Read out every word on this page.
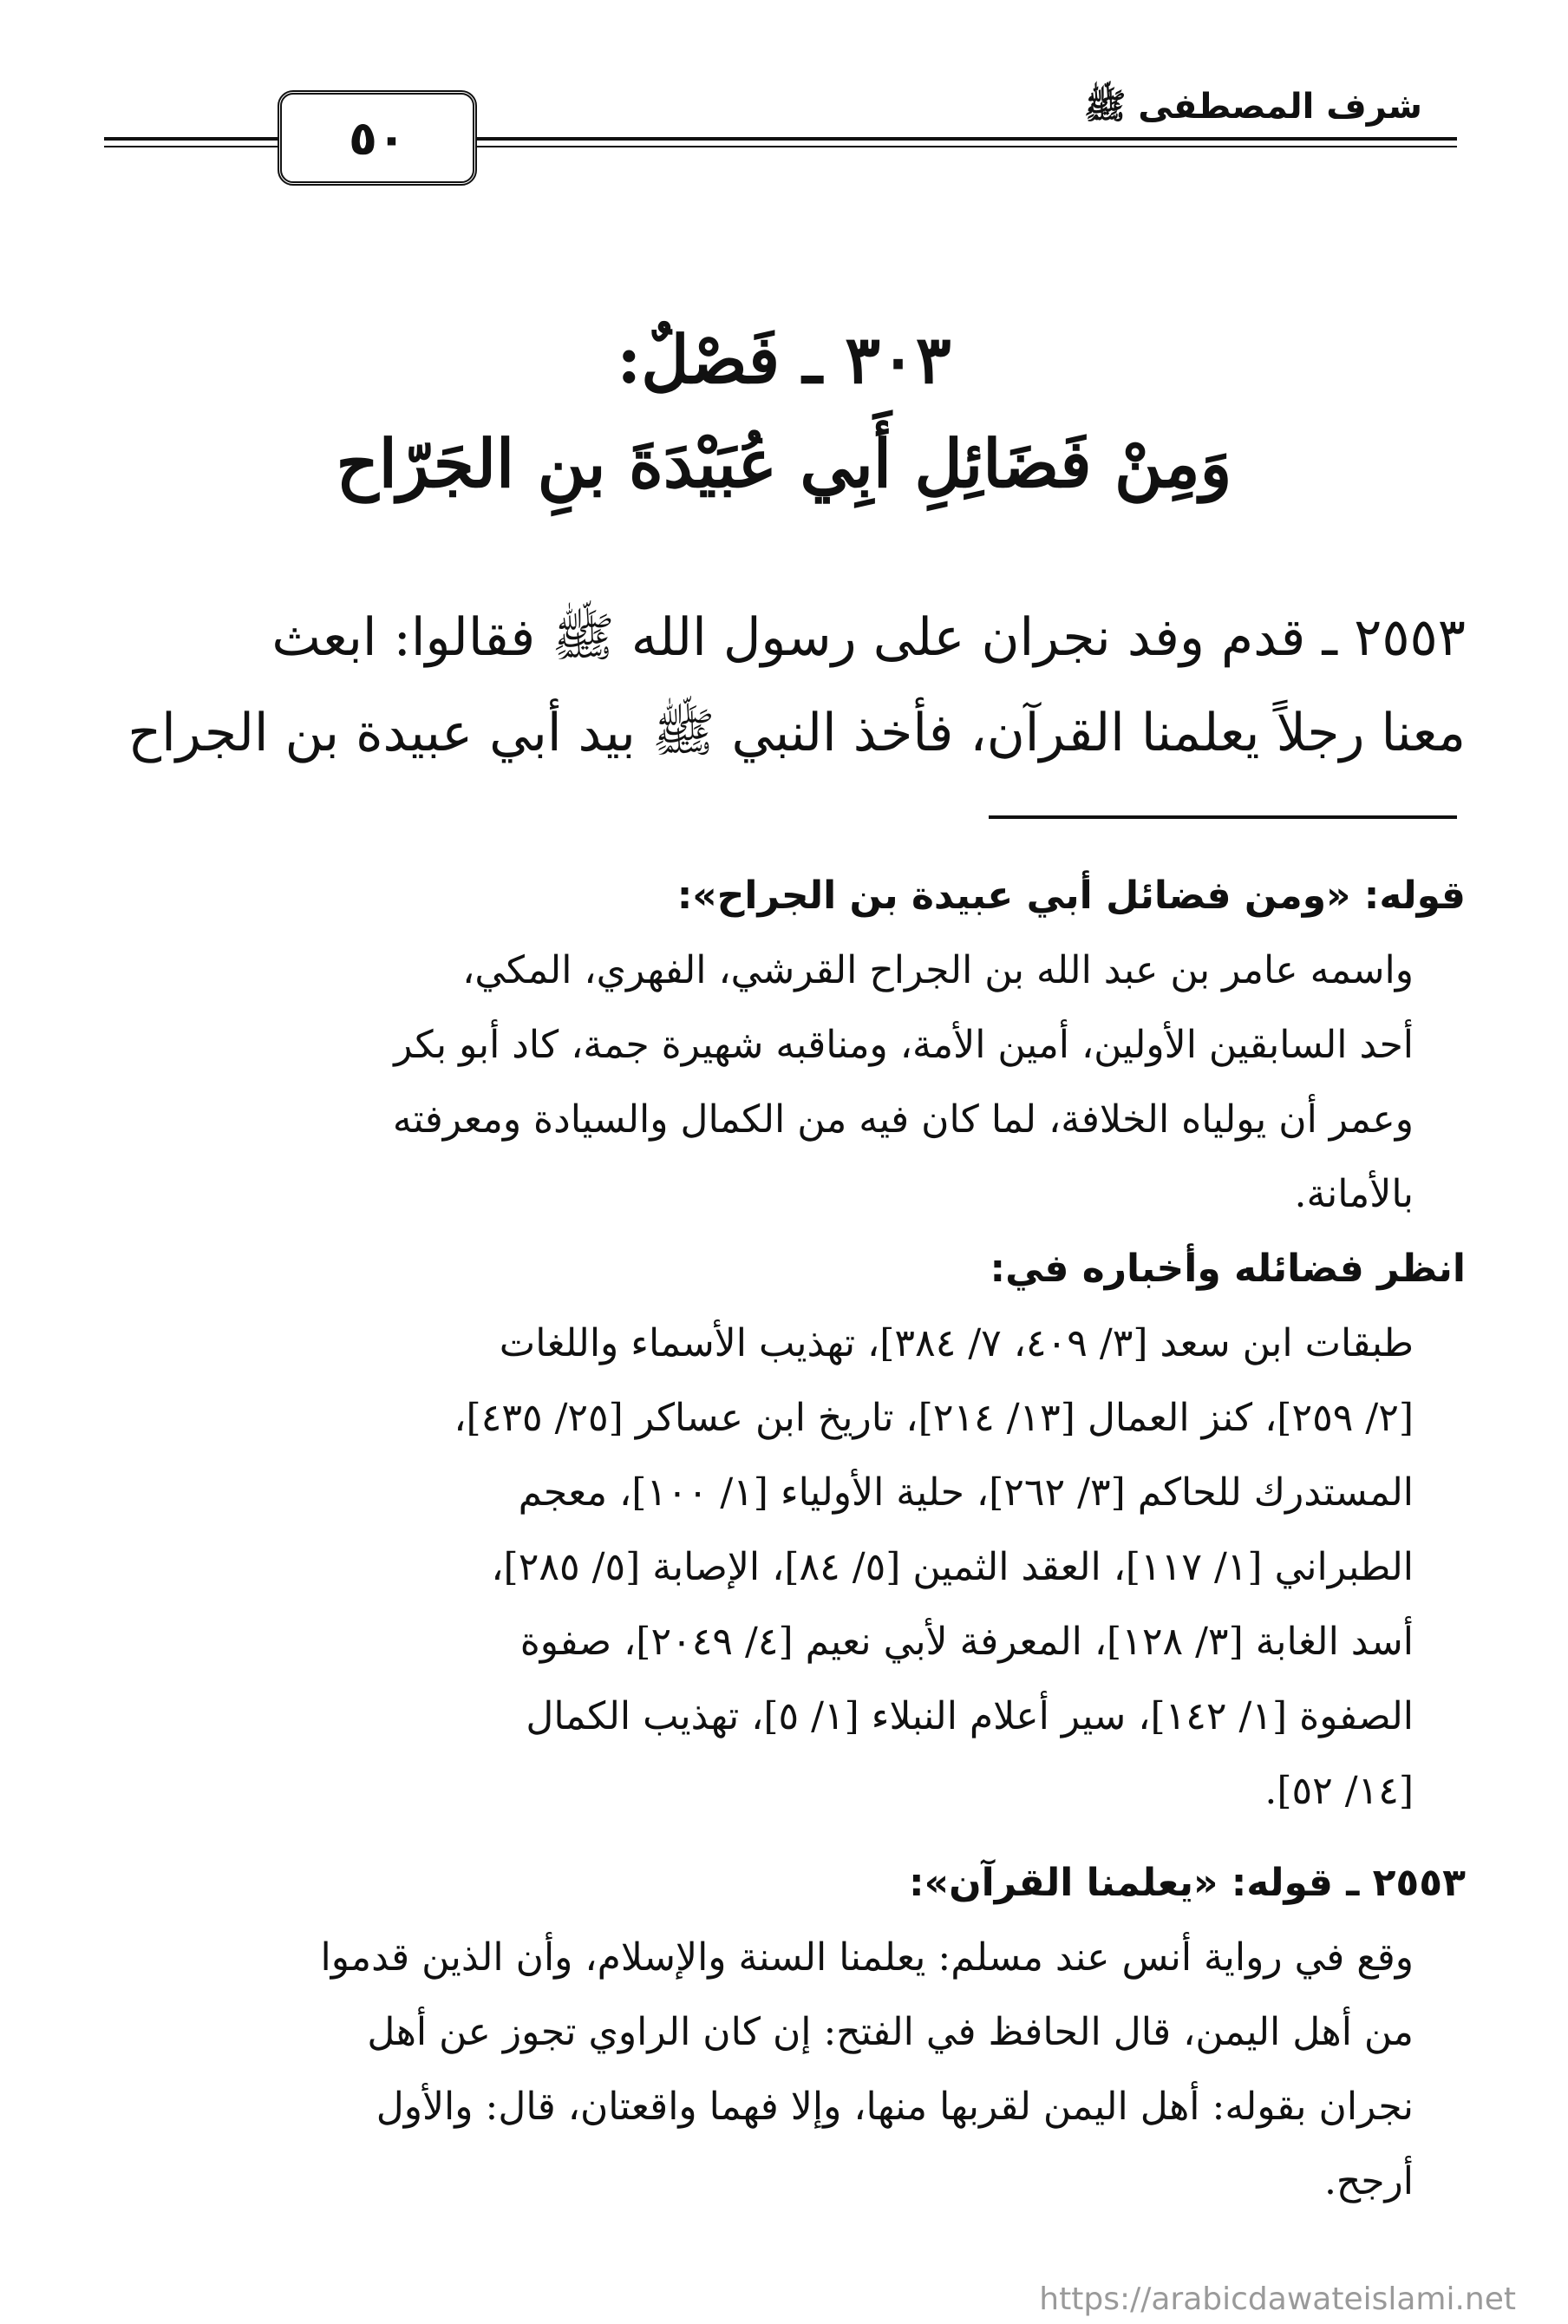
شرف المصطفى ﷺ
٥٠
٣٠٣ ـ فَصْلٌ:
وَمِنْ فَضَائِلِ أَبِي عُبَيْدَةَ بنِ الجَرّاح
٢٥٥٣ ـ قدم وفد نجران على رسول الله ﷺ فقالوا: ابعث
معنا رجلاً يعلمنا القرآن، فأخذ النبي ﷺ بيد أبي عبيدة بن الجراح
قوله: «ومن فضائل أبي عبيدة بن الجراح»:
واسمه عامر بن عبد الله بن الجراح القرشي، الفهري، المكي،
أحد السابقين الأولين، أمين الأمة، ومناقبه شهيرة جمة، كاد أبو بكر
وعمر أن يولياه الخلافة، لما كان فيه من الكمال والسيادة ومعرفته
بالأمانة.
انظر فضائله وأخباره في:
طبقات ابن سعد [٣/ ٤٠٩، ٧/ ٣٨٤]، تهذيب الأسماء واللغات
[٢/ ٢٥٩]، كنز العمال [١٣/ ٢١٤]، تاريخ ابن عساكر [٢٥/ ٤٣٥]،
المستدرك للحاكم [٣/ ٢٦٢]، حلية الأولياء [١/ ١٠٠]، معجم
الطبراني [١/ ١١٧]، العقد الثمين [٥/ ٨٤]، الإصابة [٥/ ٢٨٥]،
أسد الغابة [٣/ ١٢٨]، المعرفة لأبي نعيم [٤/ ٢٠٤٩]، صفوة
الصفوة [١/ ١٤٢]، سير أعلام النبلاء [١/ ٥]، تهذيب الكمال
[١٤/ ٥٢].
٢٥٥٣ ـ قوله: «يعلمنا القرآن»:
وقع في رواية أنس عند مسلم: يعلمنا السنة والإسلام، وأن الذين قدموا
من أهل اليمن، قال الحافظ في الفتح: إن كان الراوي تجوز عن أهل
نجران بقوله: أهل اليمن لقربها منها، وإلا فهما واقعتان، قال: والأول
أرجح.
https://arabicdawateislami.net
